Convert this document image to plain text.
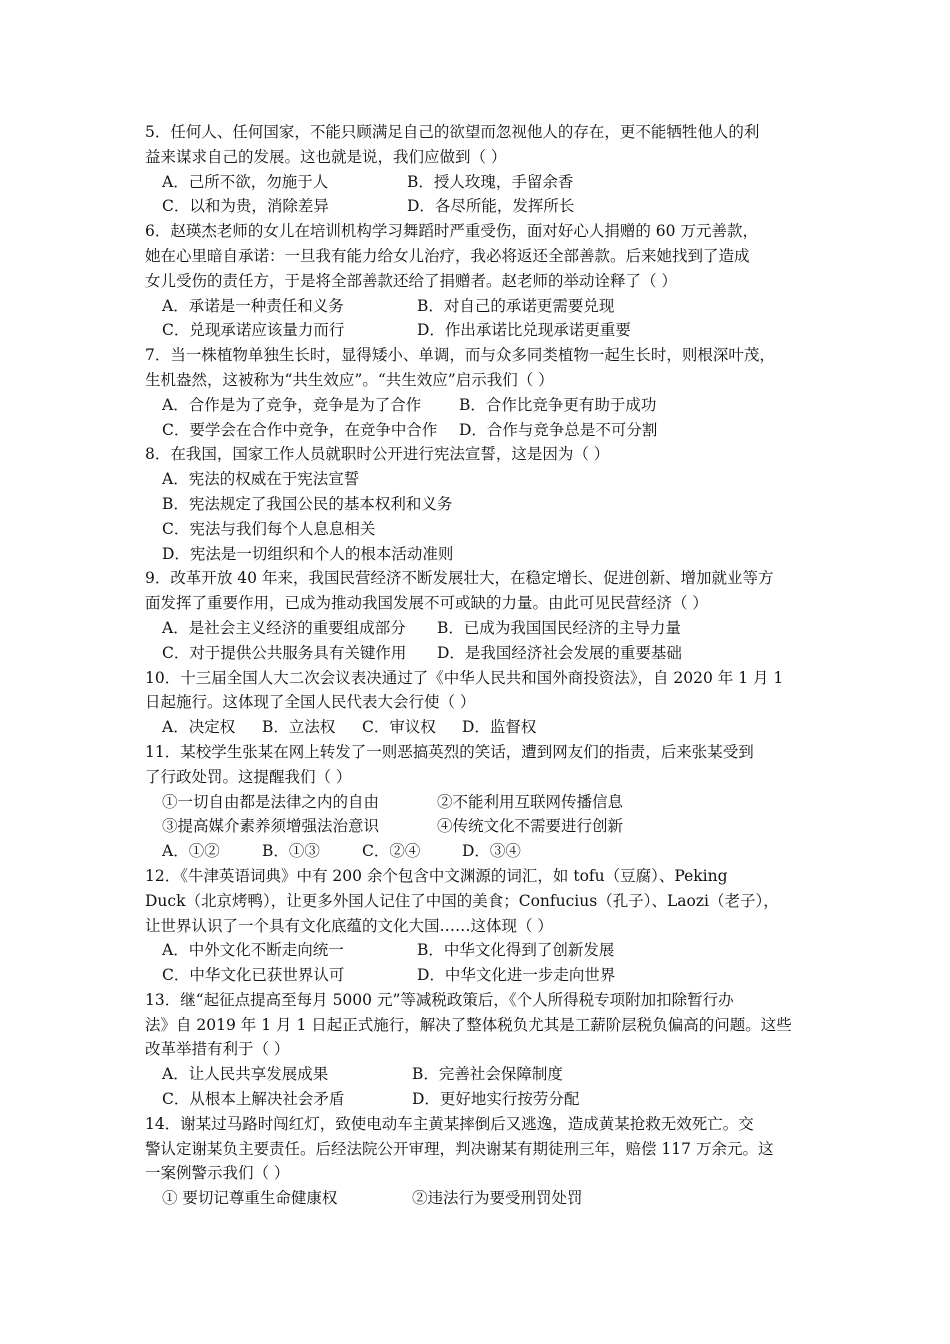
5．任何人、任何国家，不能只顾满足自己的欲望而忽视他人的存在，更不能牺牲他人的利
益来谋求自己的发展。这也就是说，我们应做到（ ）
A．己所不欲，勿施于人	B．授人玫瑰，手留余香
C．以和为贵，消除差异	D．各尽所能，发挥所长
6．赵瑛杰老师的女儿在培训机构学习舞蹈时严重受伤，面对好心人捐赠的 60 万元善款，
她在心里暗自承诺：一旦我有能力给女儿治疗，我必将返还全部善款。后来她找到了造成
女儿受伤的责任方，于是将全部善款还给了捐赠者。赵老师的举动诠释了（ ）
A．承诺是一种责任和义务	B．对自己的承诺更需要兑现
C．兑现承诺应该量力而行	D．作出承诺比兑现承诺更重要
7．当一株植物单独生长时，显得矮小、单调，而与众多同类植物一起生长时，则根深叶茂，
生机盎然，这被称为“共生效应”。“共生效应”启示我们（ ）
A．合作是为了竞争，竞争是为了合作 B．合作比竞争更有助于成功
C．要学会在合作中竞争，在竞争中合作 D．合作与竞争总是不可分割
8．在我国，国家工作人员就职时公开进行宪法宣誓，这是因为（ ）
A．宪法的权威在于宪法宣誓
B．宪法规定了我国公民的基本权利和义务
C．宪法与我们每个人息息相关
D．宪法是一切组织和个人的根本活动准则
9．改革开放 40 年来，我国民营经济不断发展壮大，在稳定增长、促进创新、增加就业等方
面发挥了重要作用，已成为推动我国发展不可或缺的力量。由此可见民营经济（ ）
A．是社会主义经济的重要组成部分 B．已成为我国国民经济的主导力量
C．对于提供公共服务具有关键作用 D．是我国经济社会发展的重要基础
10．十三届全国人大二次会议表决通过了《中华人民共和国外商投资法》，自 2020 年 1 月 1
日起施行。这体现了全国人民代表大会行使（ ）
A．决定权 B．立法权 C．审议权 D．监督权
11．某校学生张某在网上转发了一则恶搞英烈的笑话，遭到网友们的指责，后来张某受到
了行政处罚。这提醒我们（ ）
①一切自由都是法律之内的自由	②不能利用互联网传播信息
③提高媒介素养须增强法治意识	④传统文化不需要进行创新
A．①②	B．①③	C．②④	D．③④
12．《牛津英语词典》中有 200 余个包含中文渊源的词汇，如 tofu（豆腐）、Peking
Duck（北京烤鸭），让更多外国人记住了中国的美食；Confucius（孔子）、Laozi（老子），
让世界认识了一个具有文化底蕴的文化大国……这体现（ ）
A．中外文化不断走向统一	B．中华文化得到了创新发展
C．中华文化已获世界认可	D．中华文化进一步走向世界
13．继“起征点提高至每月 5000 元”等减税政策后，《个人所得税专项附加扣除暂行办
法》自 2019 年 1 月 1 日起正式施行，解决了整体税负尤其是工薪阶层税负偏高的问题。这些
改革举措有利于（ ）
A．让人民共享发展成果	B．完善社会保障制度
C．从根本上解决社会矛盾	D．更好地实行按劳分配
14．谢某过马路时闯红灯，致使电动车主黄某摔倒后又逃逸，造成黄某抢救无效死亡。交
警认定谢某负主要责任。后经法院公开审理，判决谢某有期徒刑三年，赔偿 117 万余元。这
一案例警示我们（ ）
① 要切记尊重生命健康权	②违法行为要受刑罚处罚
